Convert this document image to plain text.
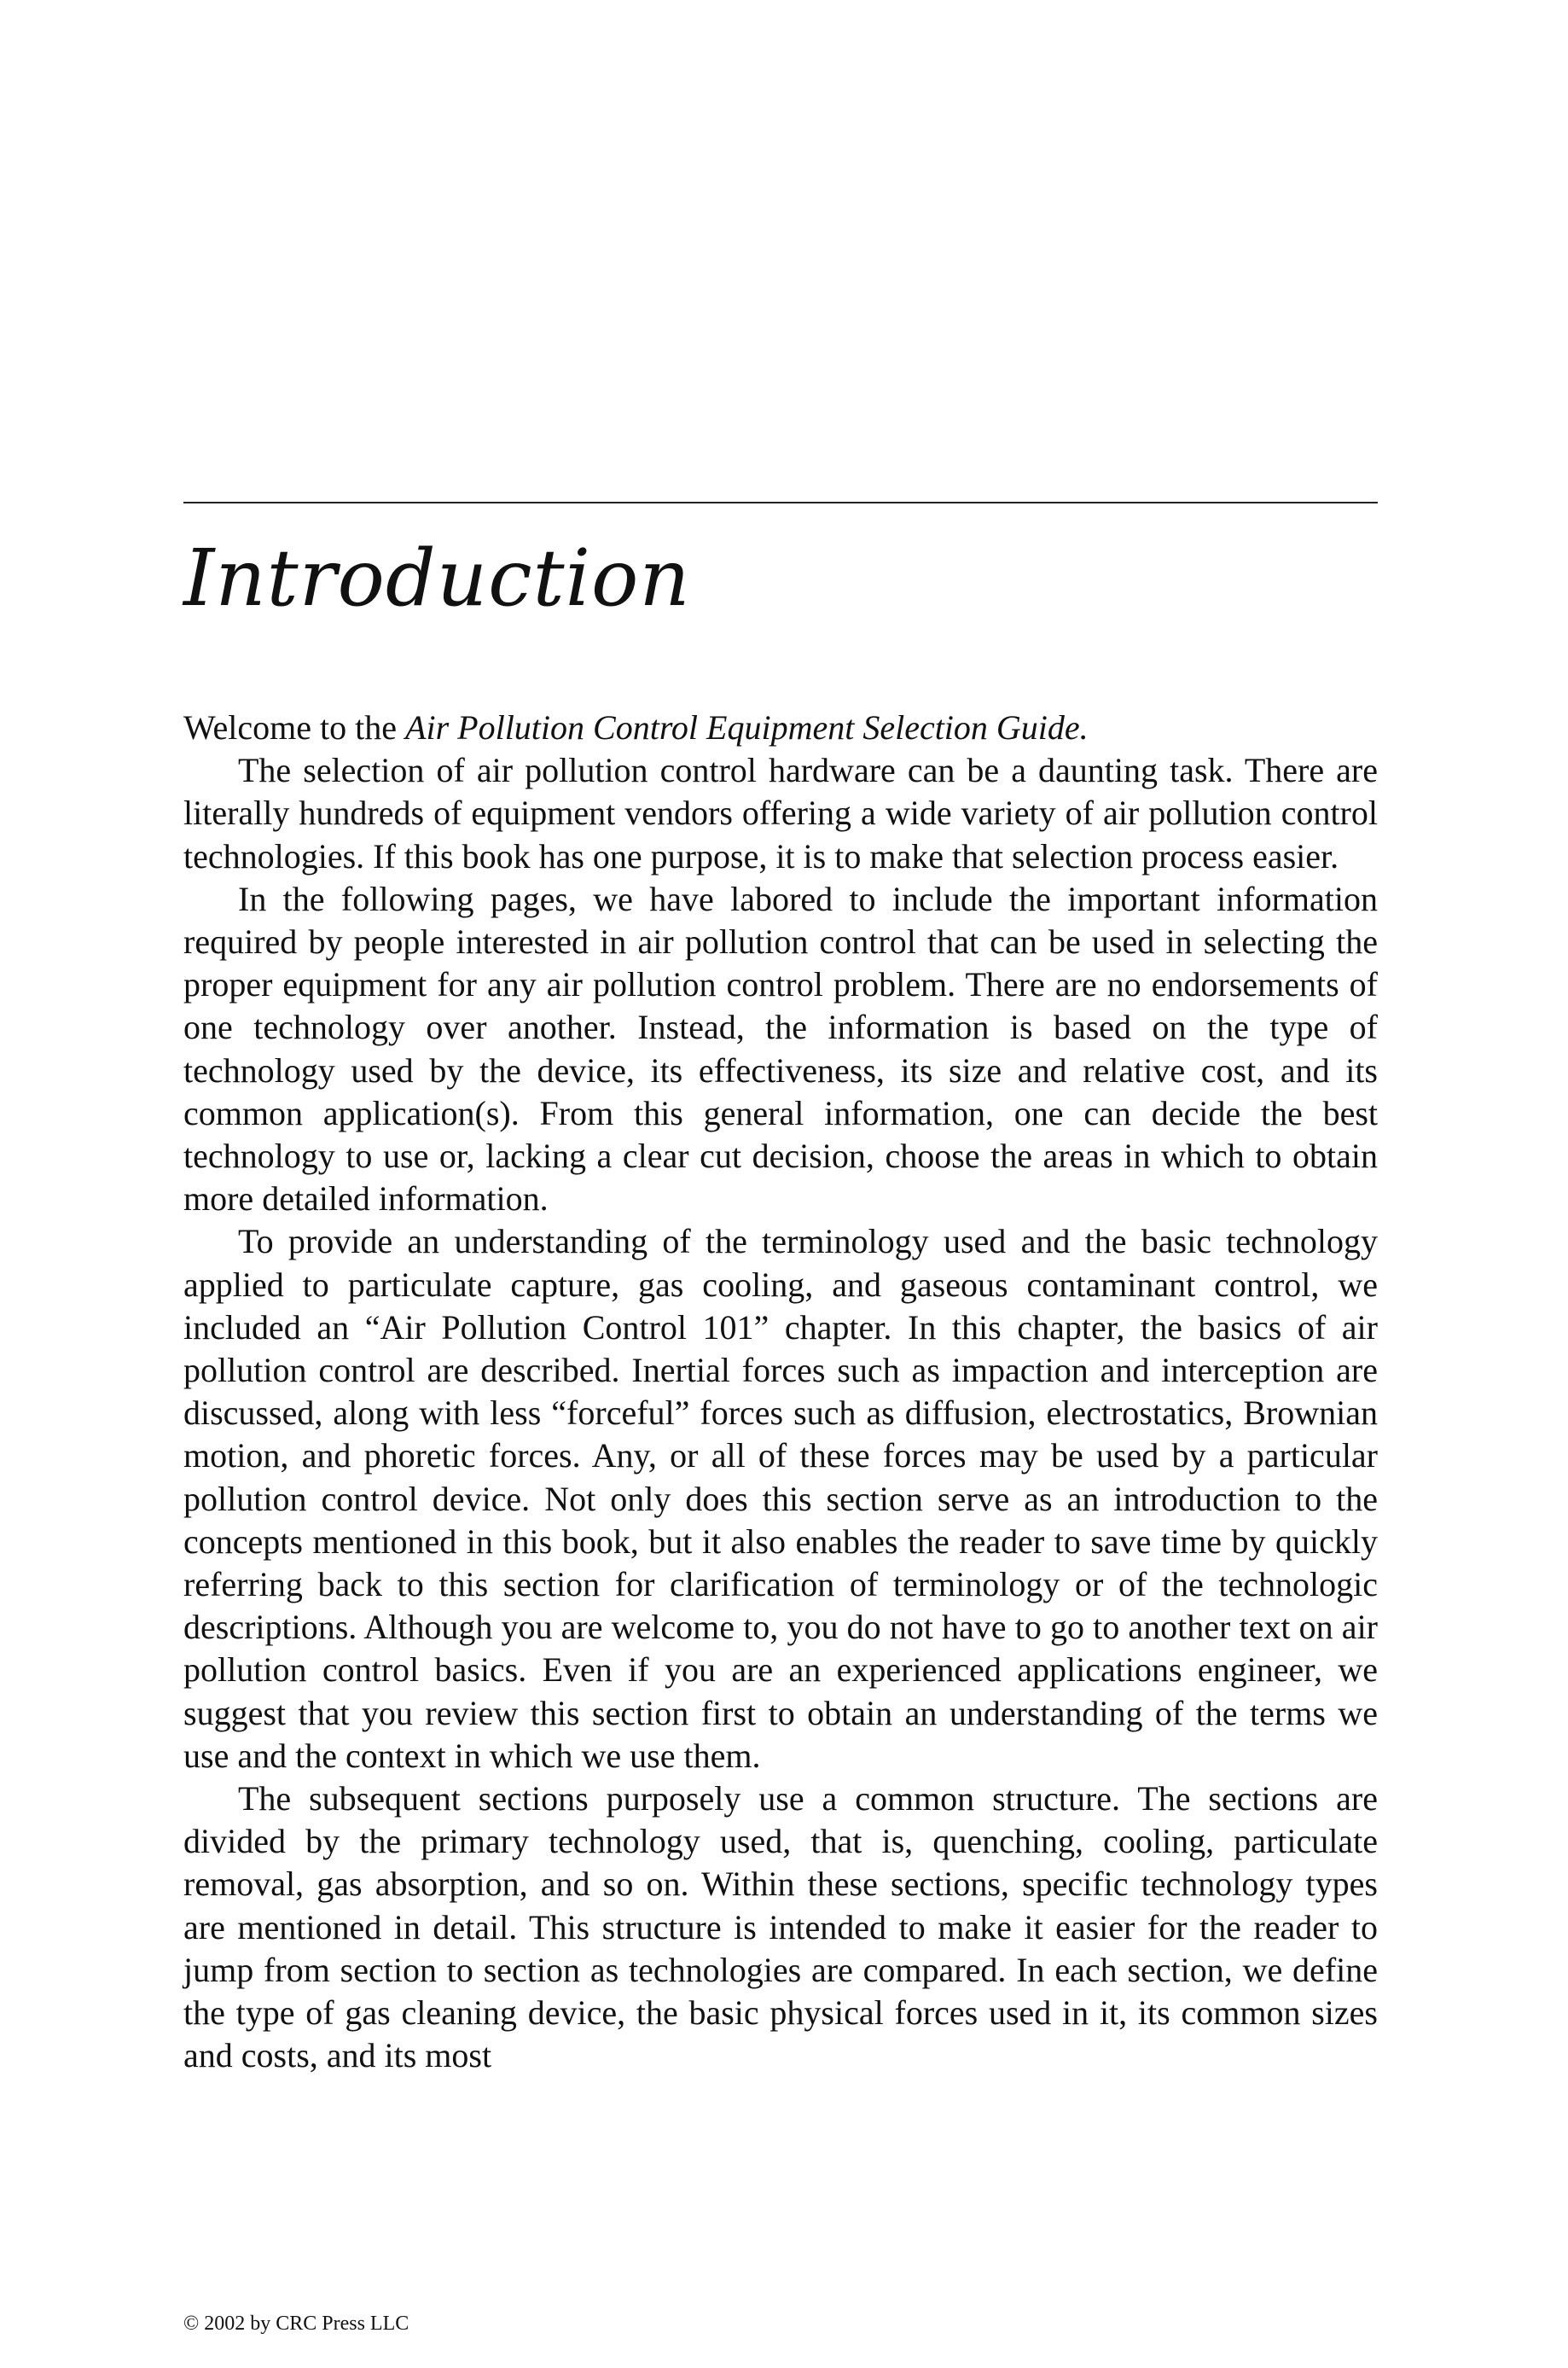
Introduction

Welcome to the Air Pollution Control Equipment Selection Guide.

The selection of air pollution control hardware can be a daunting task. There are literally hundreds of equipment vendors offering a wide variety of air pollution control technologies. If this book has one purpose, it is to make that selection process easier.

In the following pages, we have labored to include the important information required by people interested in air pollution control that can be used in selecting the proper equipment for any air pollution control problem. There are no endorsements of one technology over another. Instead, the information is based on the type of technology used by the device, its effectiveness, its size and relative cost, and its common application(s). From this general information, one can decide the best technology to use or, lacking a clear cut decision, choose the areas in which to obtain more detailed information.

To provide an understanding of the terminology used and the basic technology applied to particulate capture, gas cooling, and gaseous contaminant control, we included an “Air Pollution Control 101” chapter. In this chapter, the basics of air pollution control are described. Inertial forces such as impaction and interception are discussed, along with less “forceful” forces such as diffusion, electrostatics, Brownian motion, and phoretic forces. Any, or all of these forces may be used by a particular pollution control device. Not only does this section serve as an introduction to the concepts mentioned in this book, but it also enables the reader to save time by quickly referring back to this section for clarification of terminology or of the technologic descriptions. Although you are welcome to, you do not have to go to another text on air pollution control basics. Even if you are an experienced applications engineer, we suggest that you review this section first to obtain an understanding of the terms we use and the context in which we use them.

The subsequent sections purposely use a common structure. The sections are divided by the primary technology used, that is, quenching, cooling, particulate removal, gas absorption, and so on. Within these sections, specific technology types are mentioned in detail. This structure is intended to make it easier for the reader to jump from section to section as technologies are compared. In each section, we define the type of gas cleaning device, the basic physical forces used in it, its common sizes and costs, and its most

© 2002 by CRC Press LLC
